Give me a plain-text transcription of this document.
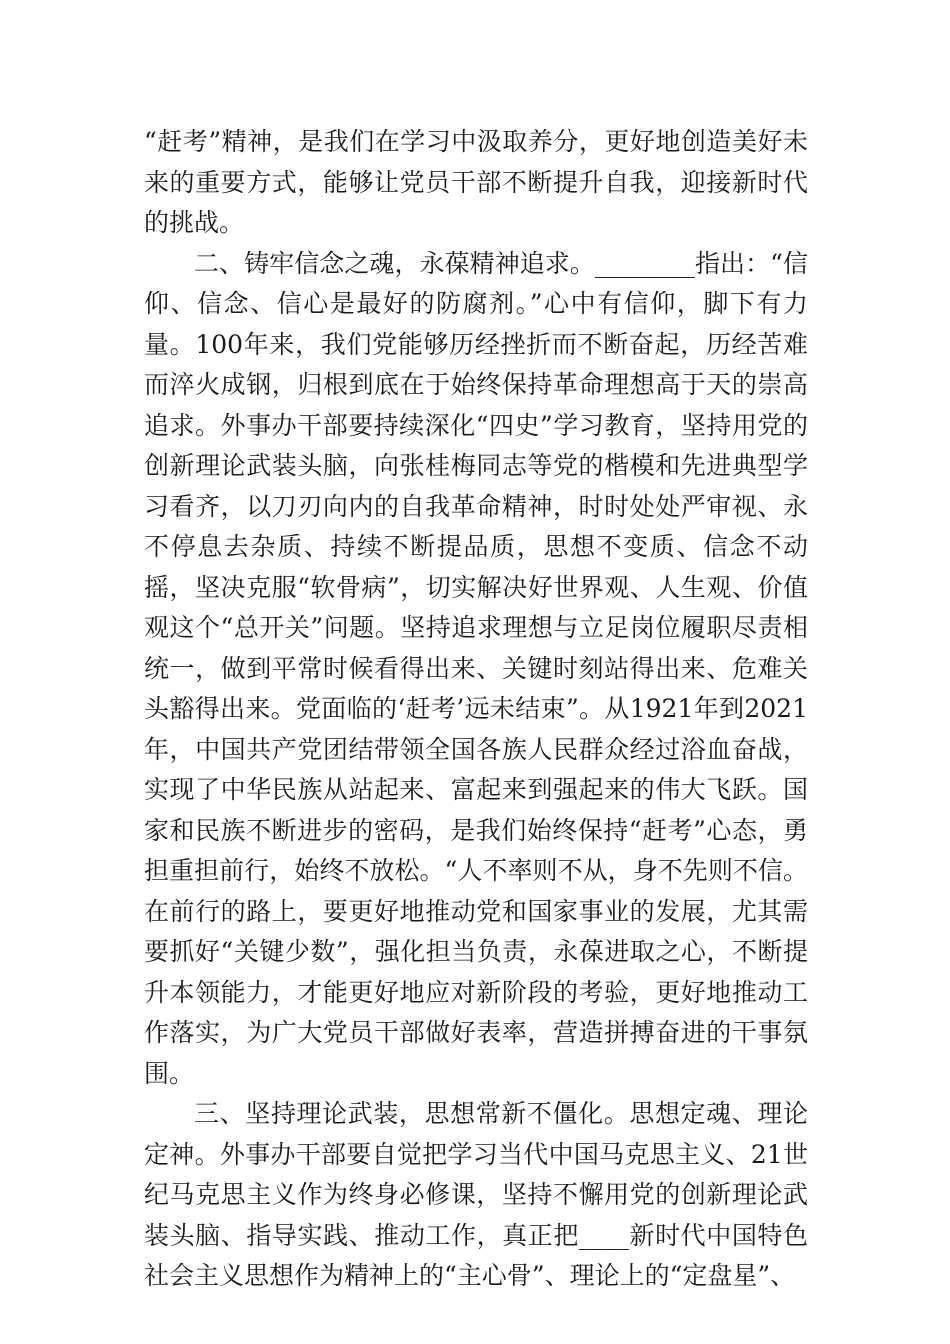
“赶考”精神，是我们在学习中汲取养分，更好地创造美好未来的重要方式，能够让党员干部不断提升自我，迎接新时代的挑战。

二、铸牢信念之魂，永葆精神追求。________指出：“信仰、信念、信心是最好的防腐剂。”心中有信仰，脚下有力量。100年来，我们党能够历经挫折而不断奋起，历经苦难而淬火成钢，归根到底在于始终保持革命理想高于天的崇高追求。外事办干部要持续深化“四史”学习教育，坚持用党的创新理论武装头脑，向张桂梅同志等党的楷模和先进典型学习看齐，以刀刃向内的自我革命精神，时时处处严审视、永不停息去杂质、持续不断提品质，思想不变质、信念不动摇，坚决克服“软骨病”，切实解决好世界观、人生观、价值观这个“总开关”问题。坚持追求理想与立足岗位履职尽责相统一，做到平常时候看得出来、关键时刻站得出来、危难关头豁得出来。党面临的‘赶考’远未结束”。从1921年到2021年，中国共产党团结带领全国各族人民群众经过浴血奋战，实现了中华民族从站起来、富起来到强起来的伟大飞跃。国家和民族不断进步的密码，是我们始终保持“赶考”心态，勇担重担前行，始终不放松。“人不率则不从，身不先则不信。在前行的路上，要更好地推动党和国家事业的发展，尤其需要抓好“关键少数”，强化担当负责，永葆进取之心，不断提升本领能力，才能更好地应对新阶段的考验，更好地推动工作落实，为广大党员干部做好表率，营造拼搏奋进的干事氛围。

三、坚持理论武装，思想常新不僵化。思想定魂、理论定神。外事办干部要自觉把学习当代中国马克思主义、21世纪马克思主义作为终身必修课，坚持不懈用党的创新理论武装头脑、指导实践、推动工作，真正把____新时代中国特色社会主义思想作为精神上的“主心骨”、理论上的“定盘星”、
